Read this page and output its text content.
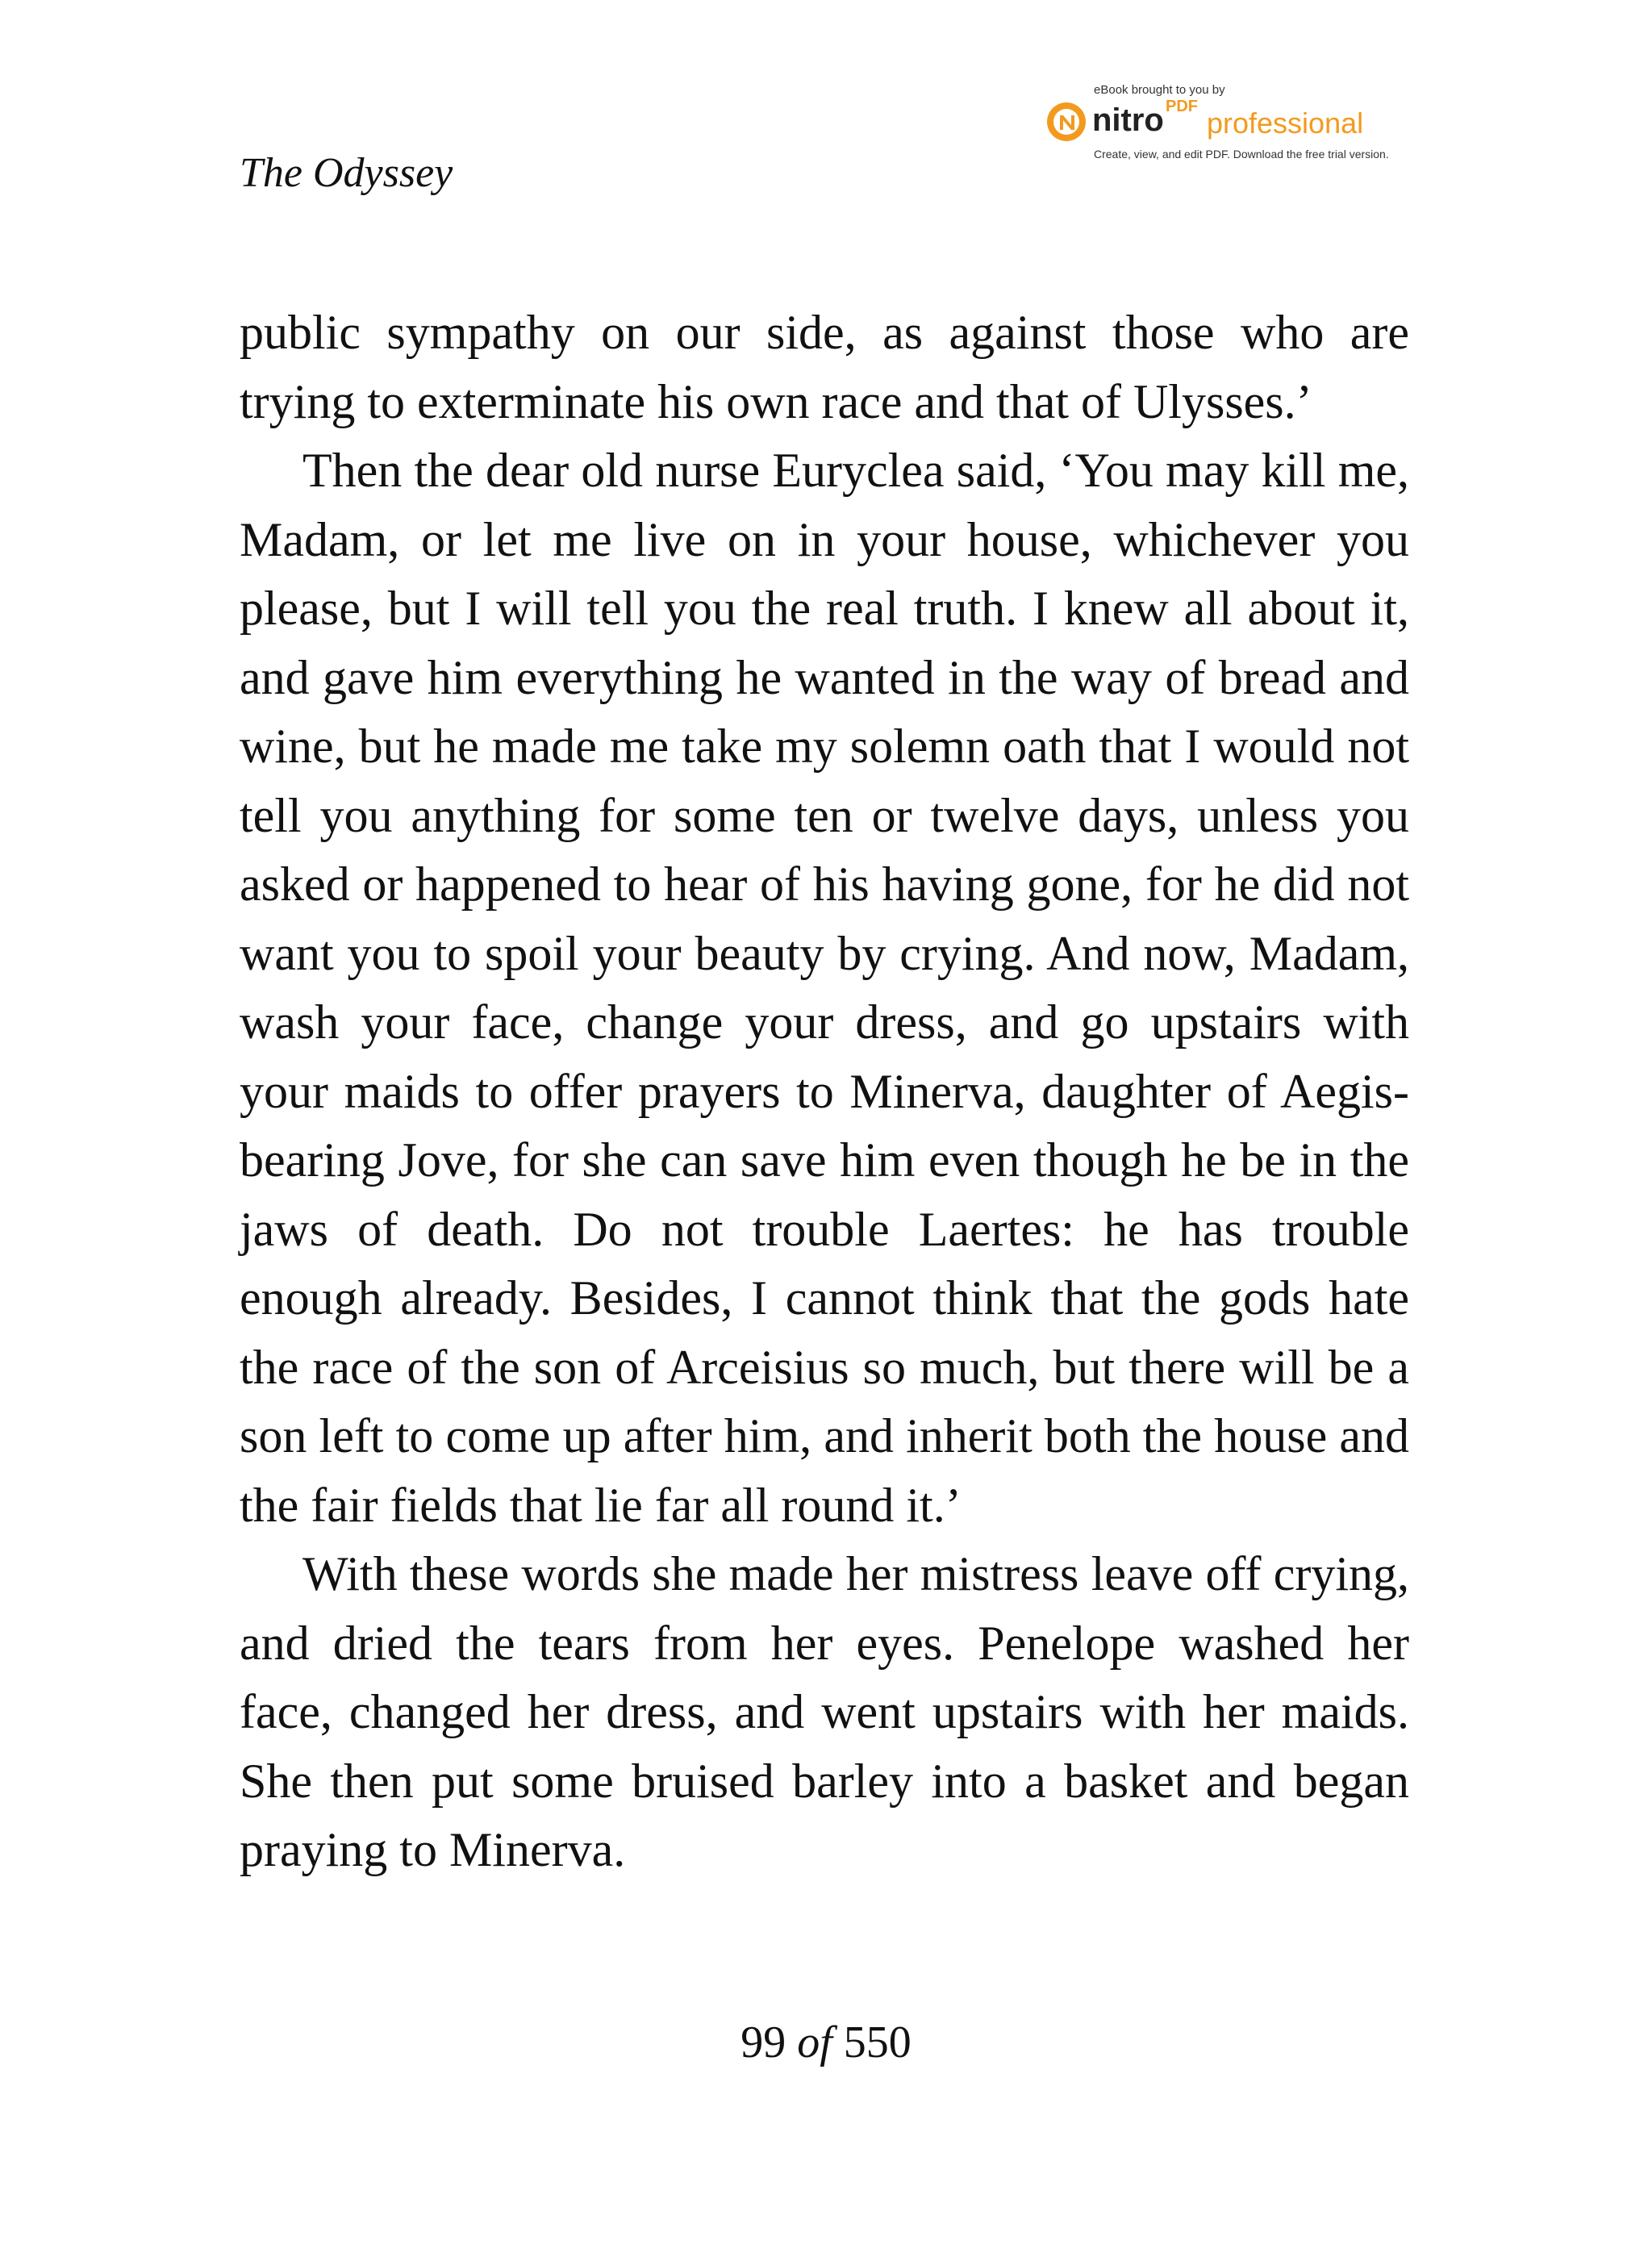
The Odyssey
eBook brought to you by
nitro PDF professional
Create, view, and edit PDF. Download the free trial version.

public sympathy on our side, as against those who are trying to exterminate his own race and that of Ulysses.’

Then the dear old nurse Euryclea said, ‘You may kill me, Madam, or let me live on in your house, whichever you please, but I will tell you the real truth. I knew all about it, and gave him everything he wanted in the way of bread and wine, but he made me take my solemn oath that I would not tell you anything for some ten or twelve days, unless you asked or happened to hear of his having gone, for he did not want you to spoil your beauty by crying. And now, Madam, wash your face, change your dress, and go upstairs with your maids to offer prayers to Minerva, daughter of Aegis-bearing Jove, for she can save him even though he be in the jaws of death. Do not trouble Laertes: he has trouble enough already. Besides, I cannot think that the gods hate the race of the son of Arceisius so much, but there will be a son left to come up after him, and inherit both the house and the fair fields that lie far all round it.’

With these words she made her mistress leave off crying, and dried the tears from her eyes. Penelope washed her face, changed her dress, and went upstairs with her maids. She then put some bruised barley into a basket and began praying to Minerva.

99 of 550
